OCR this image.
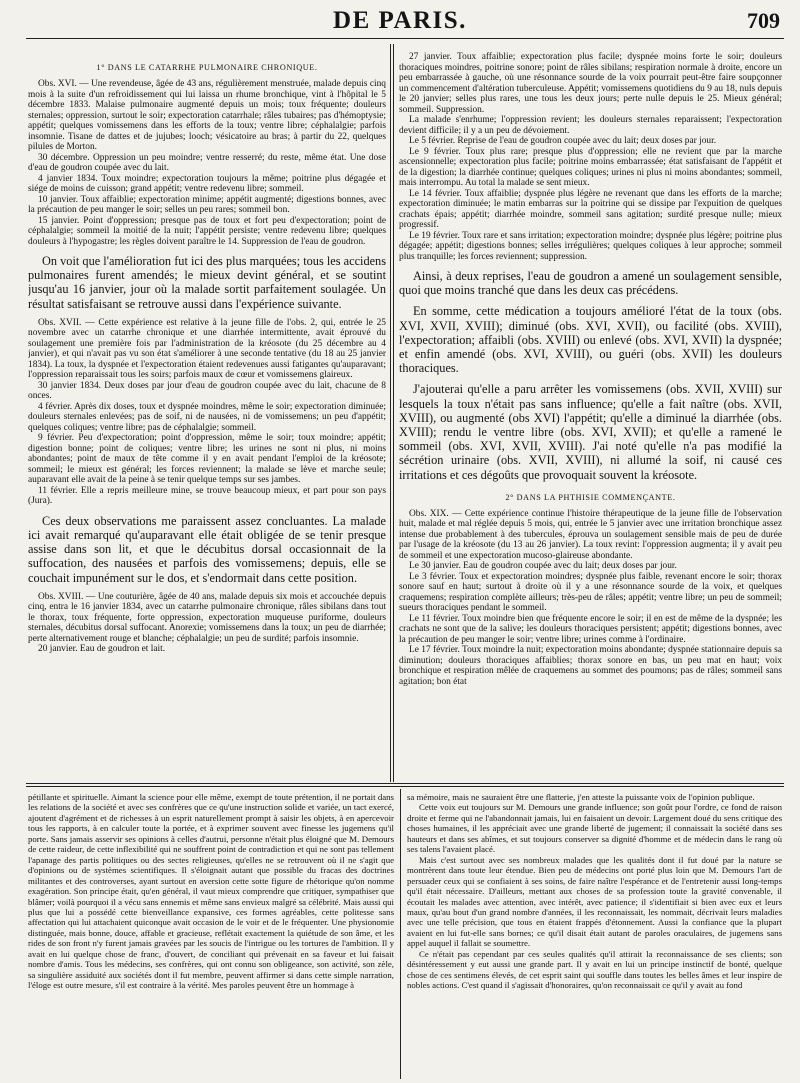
DE PARIS.	709

1° DANS LE CATARRHE PULMONAIRE CHRONIQUE.

Obs. XVI. — Une revendeuse, âgée de 43 ans, régulièrement menstruée, malade depuis cinq mois à la suite d'un refroidissement qui lui laissa un rhume bronchique, vint à l'hôpital le 5 décembre 1833. Malaise pulmonaire augmenté depuis un mois; toux fréquente; douleurs sternales; oppression, surtout le soir; expectoration catarrhale; râles tubaires; pas d'hémoptysie; appétit; quelques vomissemens dans les efforts de la toux; ventre libre; céphalalgie; parfois insomnie. Tisane de dattes et de jujubes; looch; vésicatoire au bras; à partir du 22, quelques pilules de Morton.

30 décembre. Oppression un peu moindre; ventre resserré; du reste, même état. Une dose d'eau de goudron coupée avec du lait.

4 janvier 1834. Toux moindre; expectoration toujours la même; poitrine plus dégagée et siége de moins de cuisson; grand appétit; ventre redevenu libre; sommeil.

10 janvier. Toux affaiblie; expectoration minime; appétit augmenté; digestions bonnes, avec la précaution de peu manger le soir; selles un peu rares; sommeil bon.

15 janvier. Point d'oppression; presque pas de toux et fort peu d'expectoration; point de céphalalgie; sommeil la moitié de la nuit; l'appétit persiste; ventre redevenu libre; quelques douleurs à l'hypogastre; les règles doivent paraître le 14. Suppression de l'eau de goudron.

On voit que l'amélioration fut ici des plus marquées; tous les accidens pulmonaires furent amendés; le mieux devint général, et se soutint jusqu'au 16 janvier, jour où la malade sortit parfaitement soulagée. Un résultat satisfaisant se retrouve aussi dans l'expérience suivante.

Obs. XVII. — Cette expérience est relative à la jeune fille de l'obs. 2, qui, entrée le 25 novembre avec un catarrhe chronique et une diarrhée intermittente, avait éprouvé du soulagement une première fois par l'administration de la kréosote (du 25 décembre au 4 janvier), et qui n'avait pas vu son état s'améliorer à une seconde tentative (du 18 au 25 janvier 1834). La toux, la dyspnée et l'expectoration étaient redevenues aussi fatigantes qu'auparavant; l'oppression reparaissait tous les soirs; parfois maux de cœur et vomissemens glaireux.

30 janvier 1834. Deux doses par jour d'eau de goudron coupée avec du lait, chacune de 8 onces.

4 février. Après dix doses, toux et dyspnée moindres, même le soir; expectoration diminuée; douleurs sternales enlevées; pas de soif, ni de nausées, ni de vomissemens; un peu d'appétit; quelques coliques; ventre libre; pas de céphalalgie; sommeil.

9 février. Peu d'expectoration; point d'oppression, même le soir; toux moindre; appétit; digestion bonne; point de coliques; ventre libre; les urines ne sont ni plus, ni moins abondantes; point de maux de tête comme il y en avait pendant l'emploi de la kréosote; sommeil; le mieux est général; les forces reviennent; la malade se lève et marche seule; auparavant elle avait de la peine à se tenir quelque temps sur ses jambes.

11 février. Elle a repris meilleure mine, se trouve beaucoup mieux, et part pour son pays (Jura).

Ces deux observations me paraissent assez concluantes. La malade ici avait remarqué qu'auparavant elle était obligée de se tenir presque assise dans son lit, et que le décubitus dorsal occasionnait de la suffocation, des nausées et parfois des vomissemens; depuis, elle se couchait impunément sur le dos, et s'endormait dans cette position.

Obs. XVIII. — Une couturière, âgée de 40 ans, malade depuis six mois et accouchée depuis cinq, entra le 16 janvier 1834, avec un catarrhe pulmonaire chronique, râles sibilans dans tout le thorax, toux fréquente, forte oppression, expectoration muqueuse puriforme, douleurs sternales, décubitus dorsal suffocant. Anorexie; vomissemens dans la toux; un peu de diarrhée; perte alternativement rouge et blanche; céphalalgie; un peu de surdité; parfois insomnie.

20 janvier. Eau de goudron et lait.

27 janvier. Toux affaiblie; expectoration plus facile; dyspnée moins forte le soir; douleurs thoraciques moindres, poitrine sonore; point de râles sibilans; respiration normale à droite, encore un peu embarrassée à gauche, où une résonnance sourde de la voix pourrait peut-être faire soupçonner un commencement d'altération tuberculeuse. Appétit; vomissemens quotidiens du 9 au 18, nuls depuis le 20 janvier; selles plus rares, une tous les deux jours; perte nulle depuis le 25. Mieux général; sommeil. Suppression.

La malade s'enrhume; l'oppression revient; les douleurs sternales reparaissent; l'expectoration devient difficile; il y a un peu de dévoiement.

Le 5 février. Reprise de l'eau de goudron coupée avec du lait; deux doses par jour.

Le 9 février. Toux plus rare; presque plus d'oppression; elle ne revient que par la marche ascensionnelle; expectoration plus facile; poitrine moins embarrassée; état satisfaisant de l'appétit et de la digestion; la diarrhée continue; quelques coliques; urines ni plus ni moins abondantes; sommeil, mais interrompu. Au total la malade se sent mieux.

Le 14 février. Toux affaiblie; dyspnée plus légère ne revenant que dans les efforts de la marche; expectoration diminuée; le matin embarras sur la poitrine qui se dissipe par l'expuition de quelques crachats épais; appétit; diarrhée moindre, sommeil sans agitation; surdité presque nulle; mieux progressif.

Le 19 février. Toux rare et sans irritation; expectoration moindre; dyspnée plus légère; poitrine plus dégagée; appétit; digestions bonnes; selles irrégulières; quelques coliques à leur approche; sommeil plus tranquille; les forces reviennent; suppression.

Ainsi, à deux reprises, l'eau de goudron a amené un soulagement sensible, quoi que moins tranché que dans les deux cas précédens.

En somme, cette médication a toujours amélioré l'état de la toux (obs. XVI, XVII, XVIII); diminué (obs. XVI, XVII), ou facilité (obs. XVIII), l'expectoration; affaibli (obs. XVIII) ou enlevé (obs. XVI, XVII) la dyspnée; et enfin amendé (obs. XVI, XVIII), ou guéri (obs. XVII) les douleurs thoraciques.

J'ajouterai qu'elle a paru arrêter les vomissemens (obs. XVII, XVIII) sur lesquels la toux n'était pas sans influence; qu'elle a fait naître (obs. XVII, XVIII), ou augmenté (obs XVI) l'appétit; qu'elle a diminué la diarrhée (obs. XVIII); rendu le ventre libre (obs. XVI, XVII); et qu'elle a ramené le sommeil (obs. XVI, XVII, XVIII). J'ai noté qu'elle n'a pas modifié la sécrétion urinaire (obs. XVII, XVIII), ni allumé la soif, ni causé ces irritations et ces dégoûts que provoquait souvent la kréosote.

2° DANS LA PHTHISIE COMMENÇANTE.

Obs. XIX. — Cette expérience continue l'histoire thérapeutique de la jeune fille de l'observation huit, malade et mal réglée depuis 5 mois, qui, entrée le 5 janvier avec une irritation bronchique assez intense due probablement à des tubercules, éprouva un soulagement sensible mais de peu de durée par l'usage de la kréosote (du 13 au 26 janvier). La toux revint: l'oppression augmenta; il y avait peu de sommeil et une expectoration mucoso-glaireuse abondante.

Le 30 janvier. Eau de goudron coupée avec du lait; deux doses par jour.

Le 3 février. Toux et expectoration moindres; dyspnée plus faible, revenant encore le soir; thorax sonore sauf en haut; surtout à droite où il y a une résonnance sourde de la voix, et quelques craquemens; respiration complète ailleurs; très-peu de râles; appétit; ventre libre; un peu de sommeil; sueurs thoraciques pendant le sommeil.

Le 11 février. Toux moindre bien que fréquente encore le soir; il en est de même de la dyspnée; les crachats ne sont que de la salive; les douleurs thoraciques persistent; appétit; digestions bonnes, avec la précaution de peu manger le soir; ventre libre; urines comme à l'ordinaire.

Le 17 février. Toux moindre la nuit; expectoration moins abondante; dyspnée stationnaire depuis sa diminution; douleurs thoraciques affaiblies; thorax sonore en bas, un peu mat en haut; voix bronchique et respiration mêlée de craquemens au sommet des poumons; pas de râles; sommeil sans agitation; bon état

pétillante et spirituelle. Aimant la science pour elle même, exempt de toute prétention, il ne portait dans les relations de la société et avec ses confrères que ce qu'une instruction solide et variée, un tact exercé, ajoutent d'agrément et de richesses à un esprit naturellement prompt à saisir les objets, à en apercevoir tous les rapports, à en calculer toute la portée, et à exprimer souvent avec finesse les jugemens qu'il porte. Sans jamais asservir ses opinions à celles d'autrui, personne n'était plus éloigné que M. Demours de cette raideur, de cette inflexibilité qui ne souffrent point de contradiction et qui ne sont pas tellement l'apanage des partis politiques ou des sectes religieuses, qu'elles ne se retrouvent où il ne s'agit que d'opinions ou de systèmes scientifiques. Il s'éloignait autant que possible du fracas des doctrines militantes et des controverses, ayant surtout en aversion cette sotte figure de rhétorique qu'on nomme exagération. Son principe était, qu'en général, il vaut mieux comprendre que critiquer, sympathiser que blâmer; voilà pourquoi il a vécu sans ennemis et même sans envieux malgré sa célébrité. Mais aussi qui plus que lui a possédé cette bienveillance expansive, ces formes agréables, cette politesse sans affectation qui lui attachaient quiconque avait occasion de le voir et de le fréquenter. Une physionomie distinguée, mais bonne, douce, affable et gracieuse, reflétait exactement la quiétude de son âme, et les rides de son front n'y furent jamais gravées par les soucis de l'intrigue ou les tortures de l'ambition. Il y avait en lui quelque chose de franc, d'ouvert, de conciliant qui prévenait en sa faveur et lui faisait nombre d'amis. Tous les médecins, ses confrères, qui ont connu son obligeance, son activité, son zèle, sa singulière assiduité aux sociétés dont il fut membre, peuvent affirmer si dans cette simple narration, l'éloge est outre mesure, s'il est contraire à la vérité. Mes paroles peuvent être un hommage à

sa mémoire, mais ne sauraient être une flatterie, j'en atteste la puissante voix de l'opinion publique.

Cette voix eut toujours sur M. Demours une grande influence; son goût pour l'ordre, ce fond de raison droite et ferme qui ne l'abandonnait jamais, lui en faisaient un devoir. Largement doué du sens critique des choses humaines, il les appréciait avec une grande liberté de jugement; il connaissait la société dans ses hauteurs et dans ses abîmes, et sut toujours conserver sa dignité d'homme et de médecin dans le rang où ses talens l'avaient placé.

Mais c'est surtout avec ses nombreux malades que les qualités dont il fut doué par la nature se montrèrent dans toute leur étendue. Bien peu de médecins ont porté plus loin que M. Demours l'art de persuader ceux qui se confiaient à ses soins, de faire naître l'espérance et de l'entretenir aussi long-temps qu'il était nécessaire. D'ailleurs, mettant aux choses de sa profession toute la gravité convenable, il écoutait les malades avec attention, avec intérêt, avec patience; il s'identifiait si bien avec eux et leurs maux, qu'au bout d'un grand nombre d'années, il les reconnaissait, les nommait, décrivait leurs maladies avec une telle précision, que tous en étaient frappés d'étonnement. Aussi la confiance que la plupart avaient en lui fut-elle sans bornes; ce qu'il disait était autant de paroles oraculaires, de jugemens sans appel auquel il fallait se soumettre.

Ce n'était pas cependant par ces seules qualités qu'il attirait la reconnaissance de ses clients; son désintéressement y eut aussi une grande part. Il y avait en lui un principe instinctif de bonté, quelque chose de ces sentimens élevés, de cet esprit saint qui souffle dans toutes les belles âmes et leur inspire de nobles actions. C'est quand il s'agissait d'honoraires, qu'on reconnaissait ce qu'il y avait au fond
